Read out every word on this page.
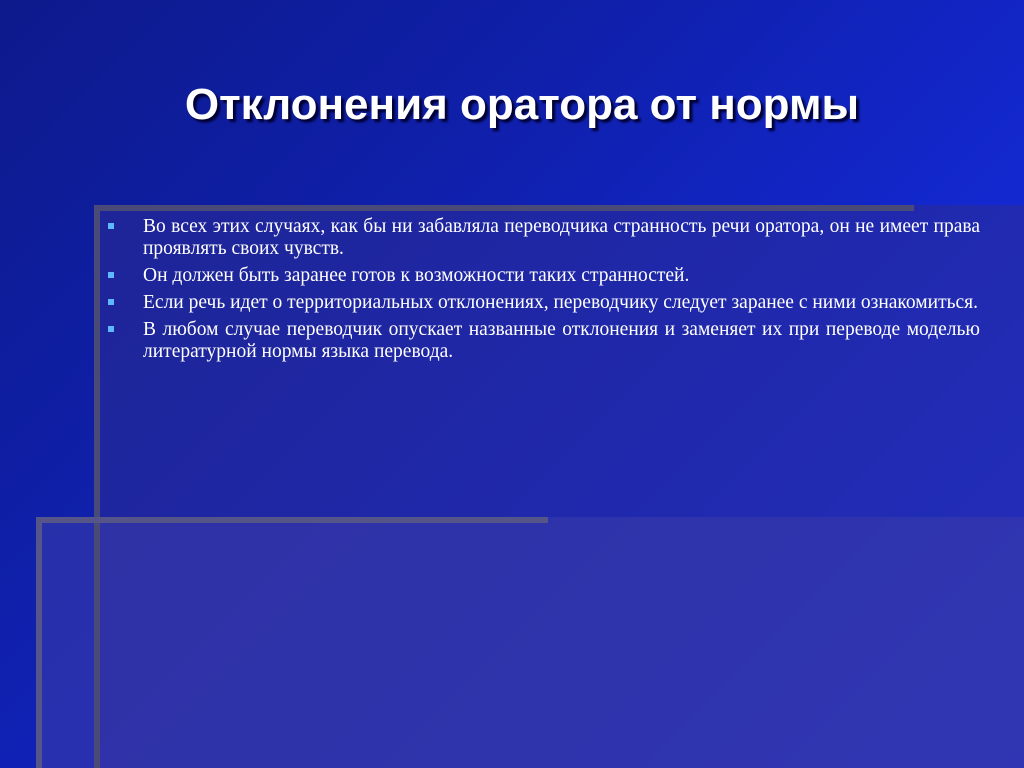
Отклонения оратора от нормы
Во всех этих случаях, как бы ни забавляла переводчика странность речи оратора, он не имеет права проявлять своих чувств.
Он должен быть заранее готов к возможности таких странностей.
Если речь идет о территориальных отклонениях, переводчику следует заранее с ними ознакомиться.
В любом случае переводчик опускает названные отклонения и заменяет их при переводе моделью литературной нормы языка перевода.
